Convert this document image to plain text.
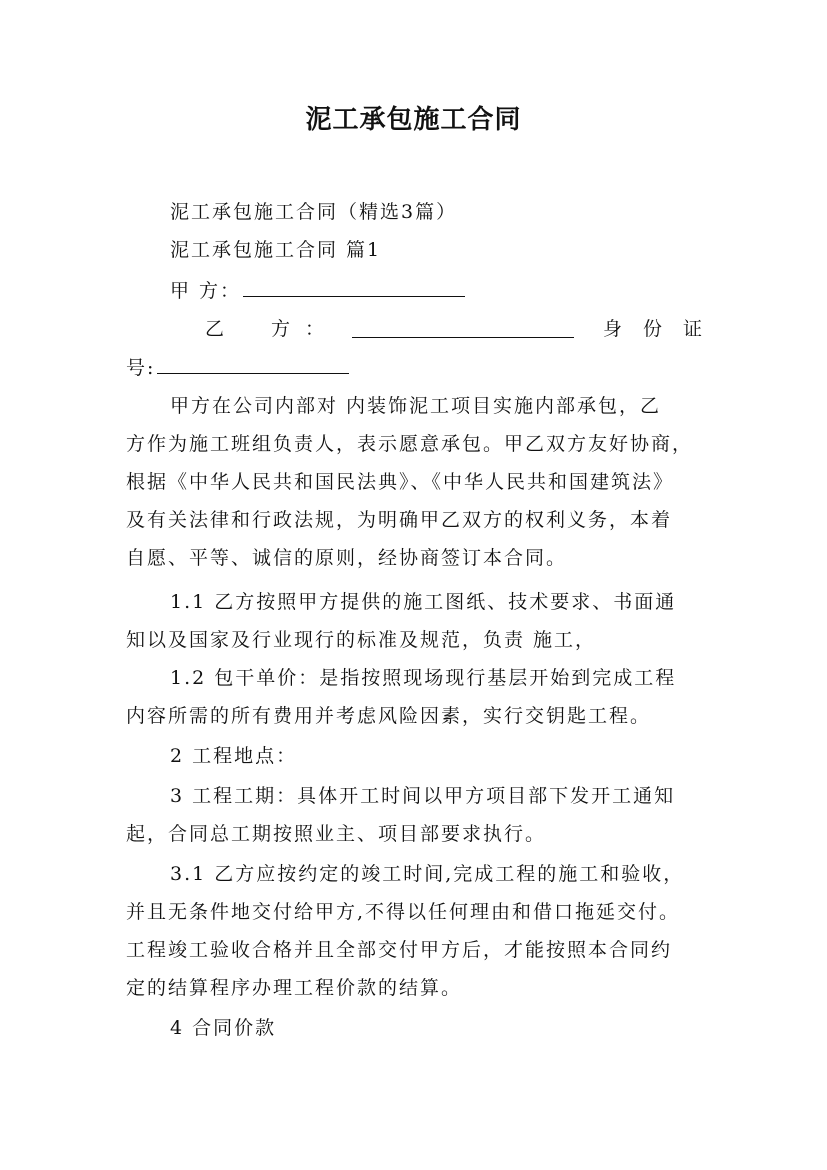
泥工承包施工合同
泥工承包施工合同（精选3篇）
泥工承包施工合同 篇1
甲 方：
乙 方 ：	身 份 证
号:
甲方在公司内部对 内装饰泥工项目实施内部承包，乙
方作为施工班组负责人，表示愿意承包。甲乙双方友好协商，
根据《中华人民共和国民法典》、《中华人民共和国建筑法》
及有关法律和行政法规，为明确甲乙双方的权利义务，本着
自愿、平等、诚信的原则，经协商签订本合同。
1.1 乙方按照甲方提供的施工图纸、技术要求、书面通
知以及国家及行业现行的标准及规范，负责 施工，
1.2 包干单价：是指按照现场现行基层开始到完成工程
内容所需的所有费用并考虑风险因素，实行交钥匙工程。
2 工程地点：
3 工程工期：具体开工时间以甲方项目部下发开工通知
起，合同总工期按照业主、项目部要求执行。
3.1 乙方应按约定的竣工时间,完成工程的施工和验收，
并且无条件地交付给甲方,不得以任何理由和借口拖延交付。
工程竣工验收合格并且全部交付甲方后，才能按照本合同约
定的结算程序办理工程价款的结算。
4 合同价款
